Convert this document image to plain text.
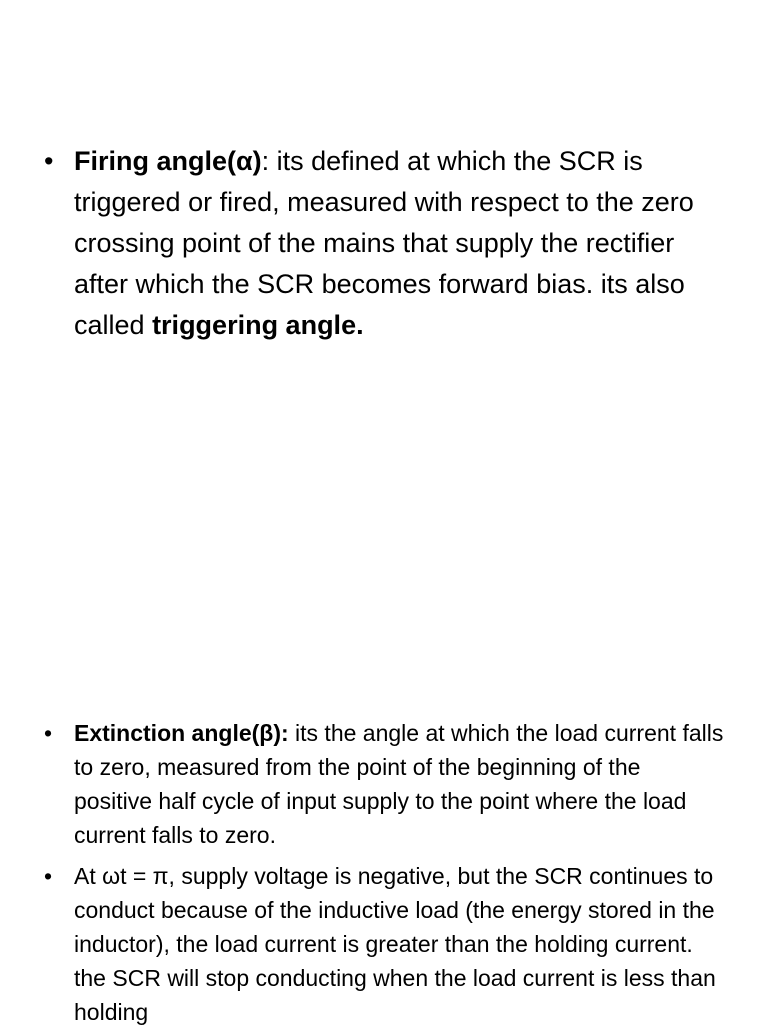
• Firing angle(α): its defined at which the SCR is triggered or fired, measured with respect to the zero crossing point of the mains that supply the rectifier after which the SCR becomes forward bias. its also
called triggering angle.
• Extinction angle(β): its the angle at which the load current falls to zero, measured from the point of the beginning of the positive half cycle of input supply to the point where the load current falls to zero.
• At ωt = π, supply voltage is negative, but the SCR continues to conduct because of the inductive load (the energy stored in the inductor), the load current is greater than the holding current. the SCR will stop conducting when the load current is less than holding
